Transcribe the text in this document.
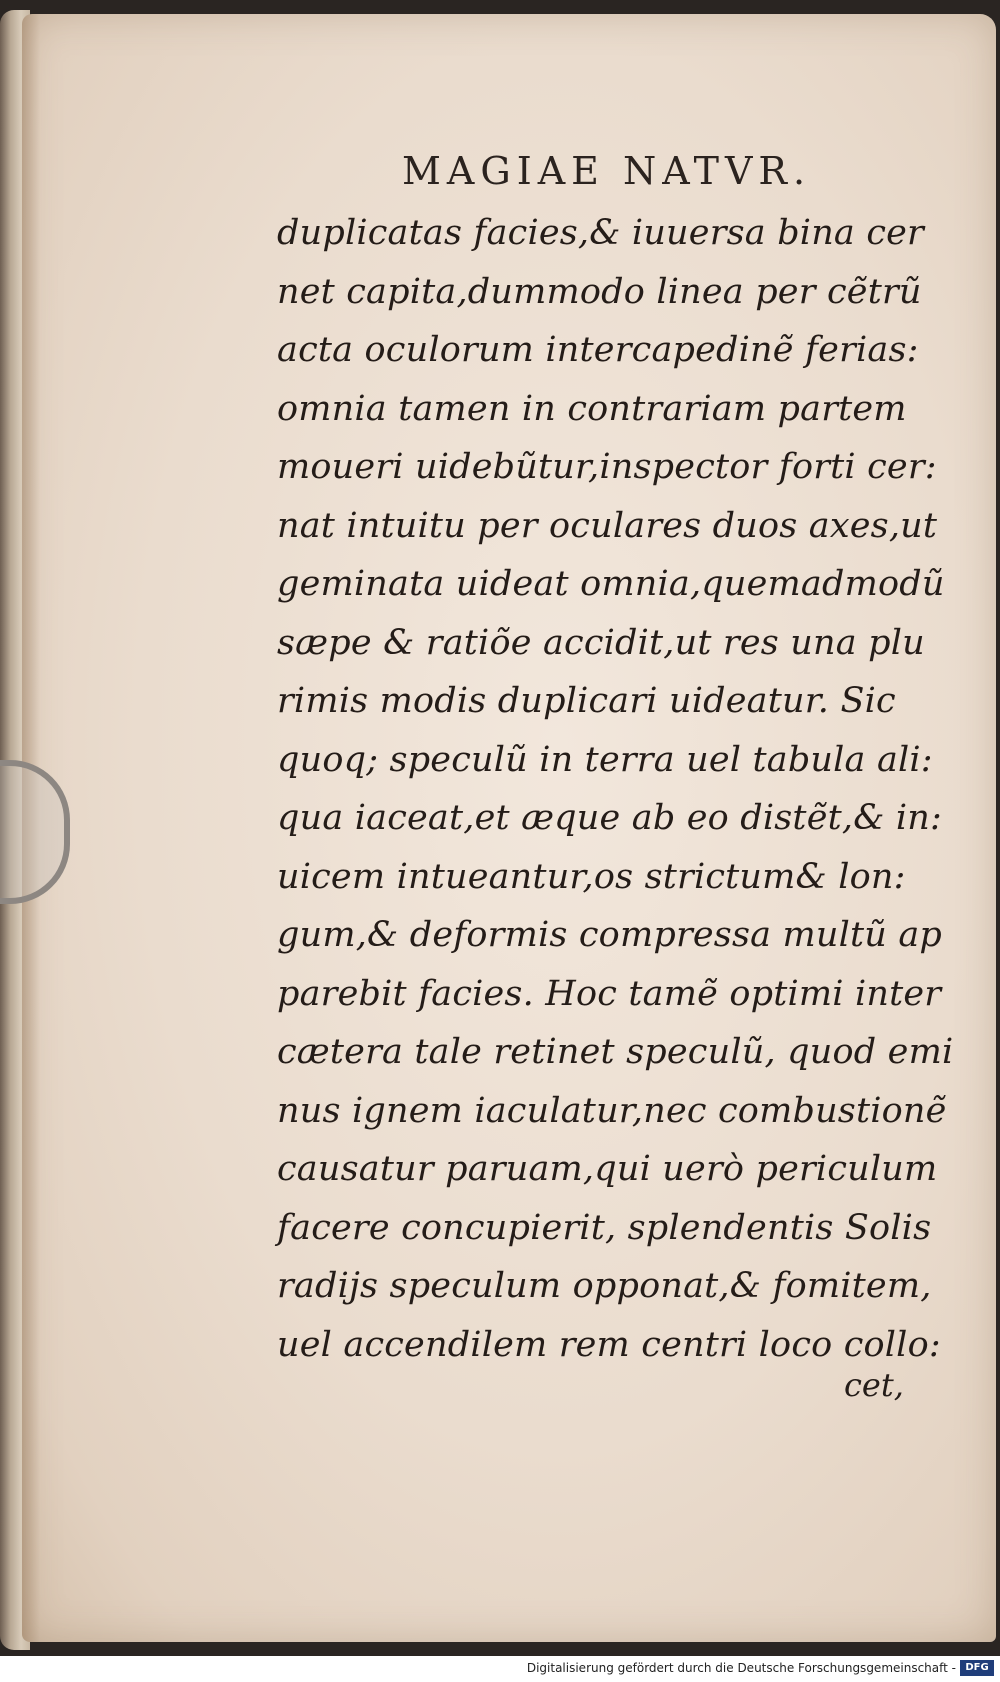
MAGIAE NATVR.
duplicatas facies,& iuuersa bina cer
net capita,dummodo linea per cẽtrũ
acta oculorum intercapedinẽ ferias:
omnia tamen in contrariam partem
moueri uidebũtur,inspector forti cer:
nat intuitu per oculares duos axes,ut
geminata uideat omnia,quemadmodũ
sæpe & ratiõe accidit,ut res una plu
rimis modis duplicari uideatur. Sic
quoq; speculũ in terra uel tabula ali:
qua iaceat,et æque ab eo distẽt,& in:
uicem intueantur,os strictum& lon:
gum,& deformis compressa multũ ap
parebit facies. Hoc tamẽ optimi inter
cætera tale retinet speculũ, quod emi
nus ignem iaculatur,nec combustionẽ
causatur paruam,qui uerò periculum
facere concupierit, splendentis Solis
radijs speculum opponat,& fomitem,
uel accendilem rem centri loco collo:
cet,
Digitalisierung gefördert durch die Deutsche Forschungsgemeinschaft - DFG
